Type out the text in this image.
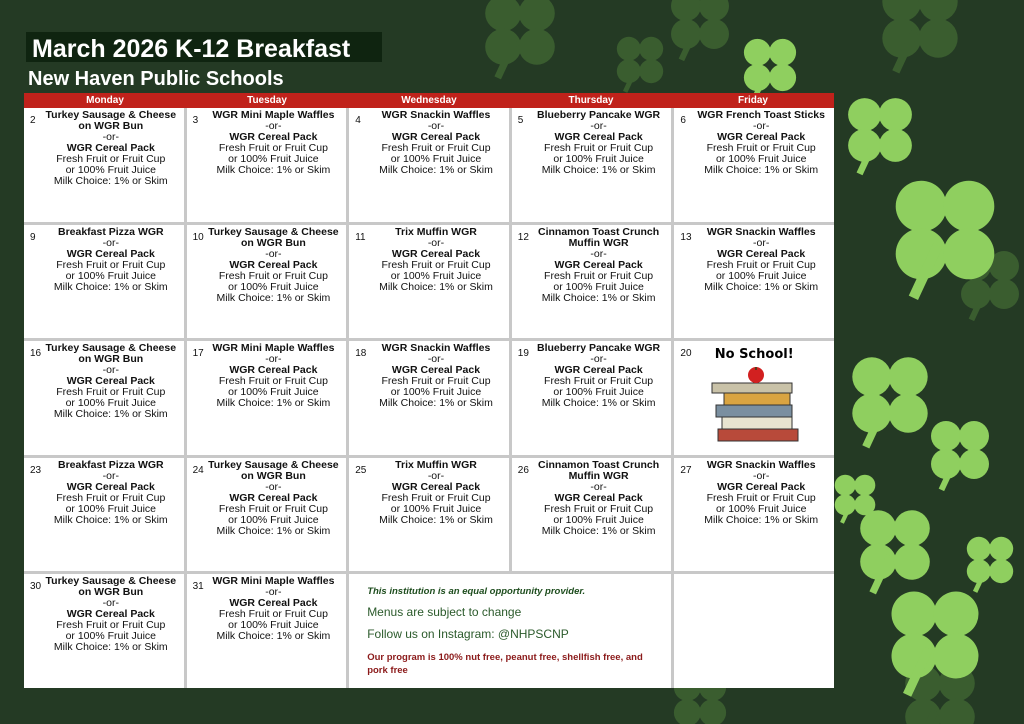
March 2026 K-12 Breakfast
New Haven Public Schools
Monday	Tuesday	Wednesday	Thursday	Friday
2 Turkey Sausage & Cheese on WGR Bun
-or-
WGR Cereal Pack
Fresh Fruit or Fruit Cup
or 100% Fruit Juice
Milk Choice: 1% or Skim
3	WGR Mini Maple Waffles
-or-
WGR Cereal Pack
Fresh Fruit or Fruit Cup
or 100% Fruit Juice
Milk Choice: 1% or Skim
4	WGR Snackin Waffles
-or-
WGR Cereal Pack
Fresh Fruit or Fruit Cup
or 100% Fruit Juice
Milk Choice: 1% or Skim
5	Blueberry Pancake WGR
-or-
WGR Cereal Pack
Fresh Fruit or Fruit Cup
or 100% Fruit Juice
Milk Choice: 1% or Skim
6	WGR French Toast Sticks
-or-
WGR Cereal Pack
Fresh Fruit or Fruit Cup
or 100% Fruit Juice
Milk Choice: 1% or Skim
9	Breakfast Pizza WGR
-or-
WGR Cereal Pack
Fresh Fruit or Fruit Cup
or 100% Fruit Juice
Milk Choice: 1% or Skim
10 Turkey Sausage & Cheese on WGR Bun
-or-
WGR Cereal Pack
Fresh Fruit or Fruit Cup
or 100% Fruit Juice
Milk Choice: 1% or Skim
11	Trix Muffin WGR
-or-
WGR Cereal Pack
Fresh Fruit or Fruit Cup
or 100% Fruit Juice
Milk Choice: 1% or Skim
12 Cinnamon Toast Crunch Muffin WGR
-or-
WGR Cereal Pack
Fresh Fruit or Fruit Cup
or 100% Fruit Juice
Milk Choice: 1% or Skim
13	WGR Snackin Waffles
-or-
WGR Cereal Pack
Fresh Fruit or Fruit Cup
or 100% Fruit Juice
Milk Choice: 1% or Skim
16 Turkey Sausage & Cheese on WGR Bun
-or-
WGR Cereal Pack
Fresh Fruit or Fruit Cup
or 100% Fruit Juice
Milk Choice: 1% or Skim
17 WGR Mini Maple Waffles
-or-
WGR Cereal Pack
Fresh Fruit or Fruit Cup
or 100% Fruit Juice
Milk Choice: 1% or Skim
18	WGR Snackin Waffles
-or-
WGR Cereal Pack
Fresh Fruit or Fruit Cup
or 100% Fruit Juice
Milk Choice: 1% or Skim
19 Blueberry Pancake WGR
-or-
WGR Cereal Pack
Fresh Fruit or Fruit Cup
or 100% Fruit Juice
Milk Choice: 1% or Skim
20	No School!
23	Breakfast Pizza WGR
-or-
WGR Cereal Pack
Fresh Fruit or Fruit Cup
or 100% Fruit Juice
Milk Choice: 1% or Skim
24 Turkey Sausage & Cheese on WGR Bun
-or-
WGR Cereal Pack
Fresh Fruit or Fruit Cup
or 100% Fruit Juice
Milk Choice: 1% or Skim
25	Trix Muffin WGR
-or-
WGR Cereal Pack
Fresh Fruit or Fruit Cup
or 100% Fruit Juice
Milk Choice: 1% or Skim
26 Cinnamon Toast Crunch Muffin WGR
-or-
WGR Cereal Pack
Fresh Fruit or Fruit Cup
or 100% Fruit Juice
Milk Choice: 1% or Skim
27	WGR Snackin Waffles
-or-
WGR Cereal Pack
Fresh Fruit or Fruit Cup
or 100% Fruit Juice
Milk Choice: 1% or Skim
30 Turkey Sausage & Cheese on WGR Bun
-or-
WGR Cereal Pack
Fresh Fruit or Fruit Cup
or 100% Fruit Juice
Milk Choice: 1% or Skim
31 WGR Mini Maple Waffles
-or-
WGR Cereal Pack
Fresh Fruit or Fruit Cup
or 100% Fruit Juice
Milk Choice: 1% or Skim
This institution is an equal opportunity provider.
Menus are subject to change
Follow us on Instagram: @NHPSCNP
Our program is 100% nut free, peanut free, shellfish free, and pork free
